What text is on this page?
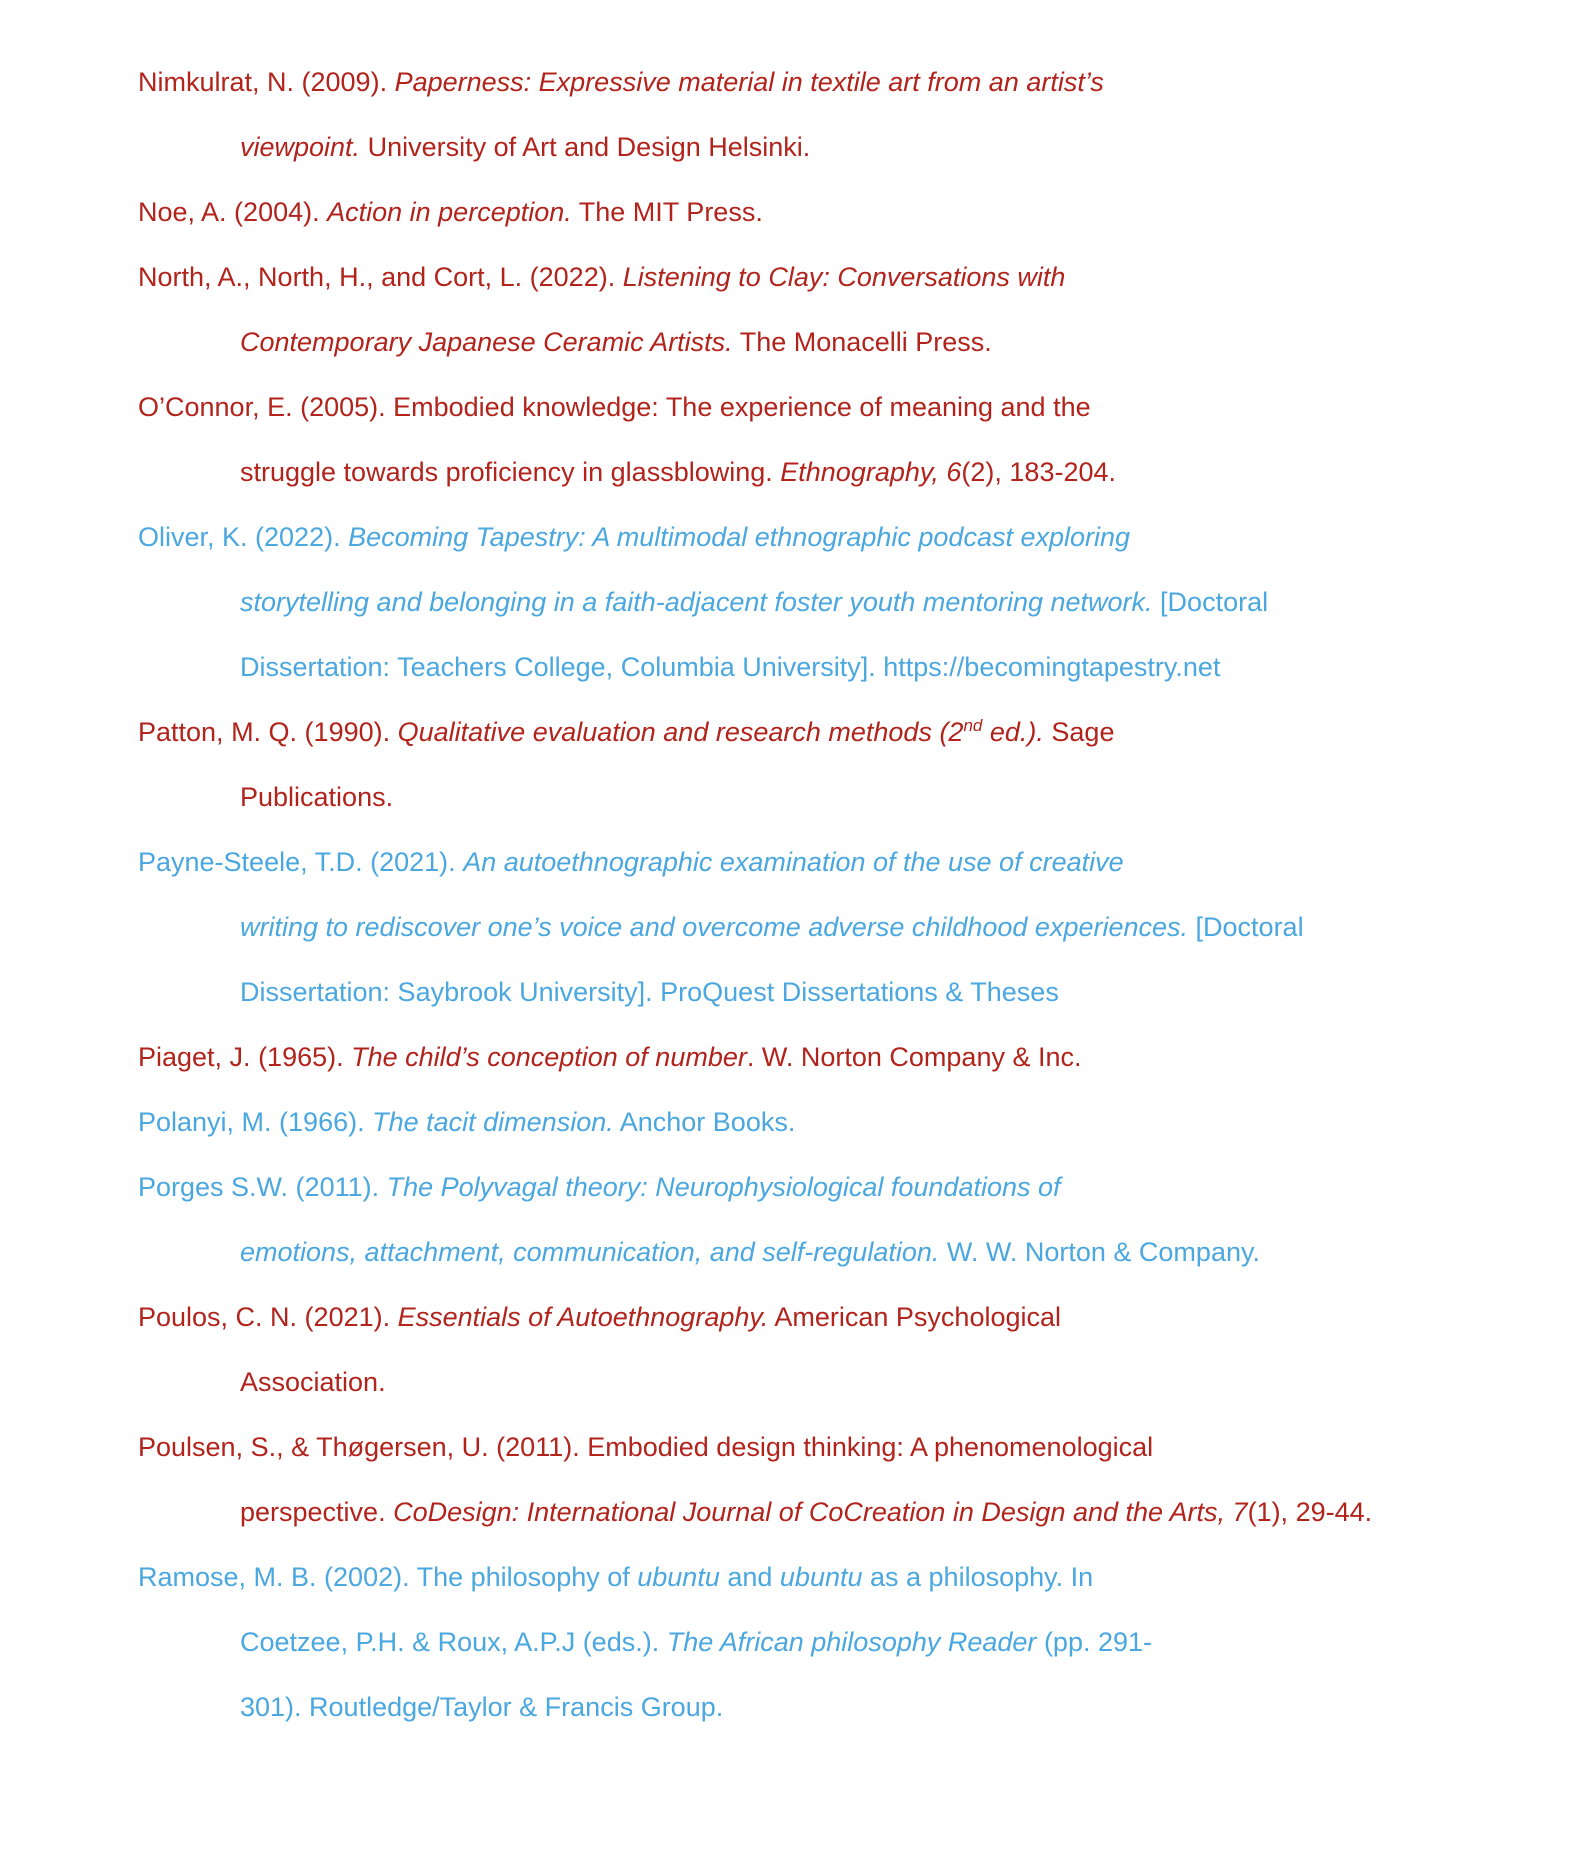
Nimkulrat, N. (2009). Paperness: Expressive material in textile art from an artist’s
viewpoint. University of Art and Design Helsinki.

Noe, A. (2004). Action in perception. The MIT Press.

North, A., North, H., and Cort, L. (2022). Listening to Clay: Conversations with
Contemporary Japanese Ceramic Artists. The Monacelli Press.

O’Connor, E. (2005). Embodied knowledge: The experience of meaning and the
struggle towards proficiency in glassblowing. Ethnography, 6(2), 183-204.

Oliver, K. (2022). Becoming Tapestry: A multimodal ethnographic podcast exploring
storytelling and belonging in a faith-adjacent foster youth mentoring network. [Doctoral
Dissertation: Teachers College, Columbia University]. https://becomingtapestry.net

Patton, M. Q. (1990). Qualitative evaluation and research methods (2nd ed.). Sage
Publications.

Payne-Steele, T.D. (2021). An autoethnographic examination of the use of creative
writing to rediscover one’s voice and overcome adverse childhood experiences. [Doctoral
Dissertation: Saybrook University]. ProQuest Dissertations & Theses

Piaget, J. (1965). The child’s conception of number. W. Norton Company & Inc.

Polanyi, M. (1966). The tacit dimension. Anchor Books.

Porges S.W. (2011). The Polyvagal theory: Neurophysiological foundations of
emotions, attachment, communication, and self-regulation. W. W. Norton & Company.

Poulos, C. N. (2021). Essentials of Autoethnography. American Psychological
Association.

Poulsen, S., & Thøgersen, U. (2011). Embodied design thinking: A phenomenological
perspective. CoDesign: International Journal of CoCreation in Design and the Arts, 7(1), 29-44.

Ramose, M. B. (2002). The philosophy of ubuntu and ubuntu as a philosophy. In
Coetzee, P.H. & Roux, A.P.J (eds.). The African philosophy Reader (pp. 291-
301). Routledge/Taylor & Francis Group.
